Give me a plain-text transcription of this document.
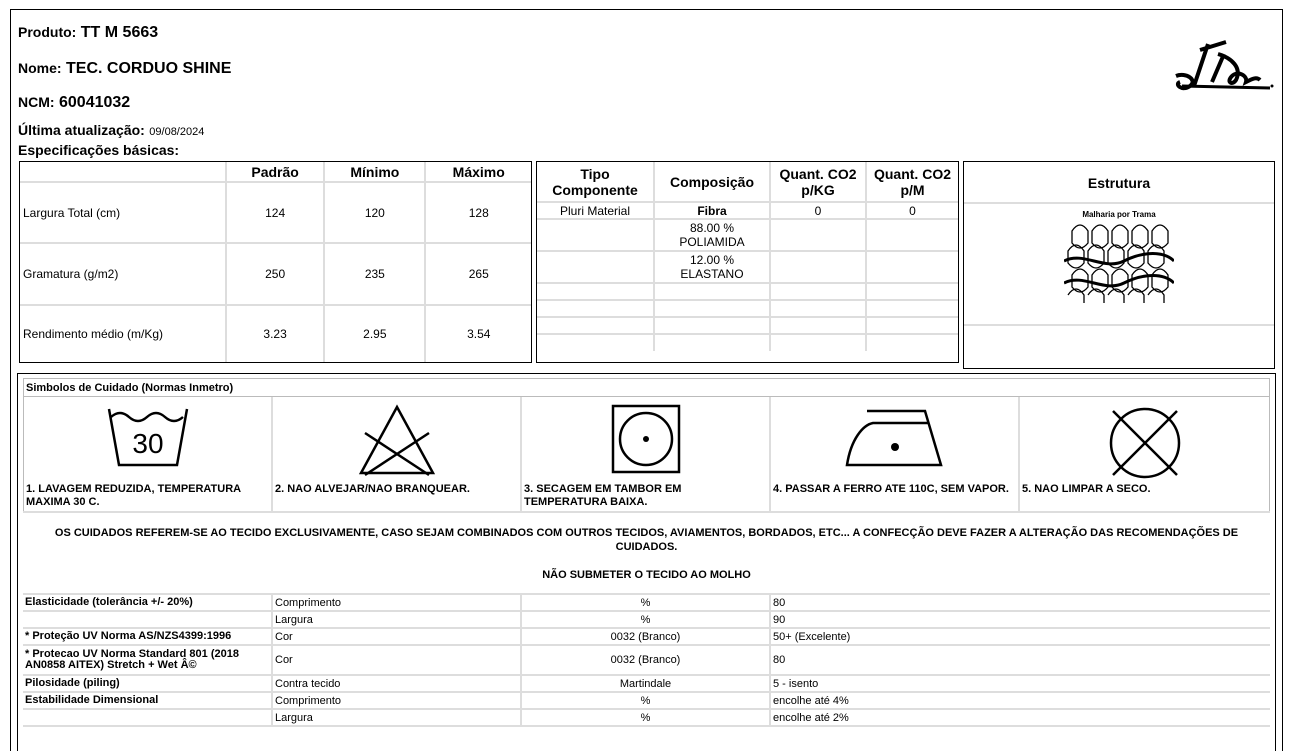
Produto: TT M 5663
Nome: TEC. CORDUO SHINE
NCM: 60041032
Última atualização: 09/08/2024
Especificações básicas:
	Padrão	Mínimo	Máximo
Largura Total (cm)	124	120	128
Gramatura (g/m2)	250	235	265
Rendimento médio (m/Kg)	3.23	2.95	3.54
Tipo Componente	Composição	Quant. CO2 p/KG	Quant. CO2 p/M
Pluri Material	Fibra	0	0

	88.00 %
POLIAMIDA		

	12.00 %
ELASTANO		

Estrutura
Malharia por Trama
Simbolos de Cuidado (Normas Inmetro)
30
1. LAVAGEM REDUZIDA, TEMPERATURA MAXIMA 30 C.
2. NAO ALVEJAR/NAO BRANQUEAR.	3. SECAGEM EM TAMBOR EM TEMPERATURA BAIXA.
4. PASSAR A FERRO ATE 110C, SEM VAPOR.	5. NAO LIMPAR A SECO.

OS CUIDADOS REFEREM-SE AO TECIDO EXCLUSIVAMENTE, CASO SEJAM COMBINADOS COM OUTROS TECIDOS, AVIAMENTOS, BORDADOS, ETC... A CONFECÇÃO DEVE FAZER A ALTERAÇÃO DAS RECOMENDAÇÕES DE CUIDADOS.

NÃO SUBMETER O TECIDO AO MOLHO

Elasticidade (tolerância +/- 20%)	Comprimento	%	80
	Largura	%	90
* Proteção UV Norma AS/NZS4399:1996	Cor	0032 (Branco)	50+ (Excelente)
* Protecao UV Norma Standard 801 (2018 AN0858 AITEX) Stretch + Wet Â©	Cor	0032 (Branco)	80
Pilosidade (piling)	Contra tecido	Martindale	5 - isento
Estabilidade Dimensional	Comprimento	%	encolhe até 4%
	Largura	%	encolhe até 2%
